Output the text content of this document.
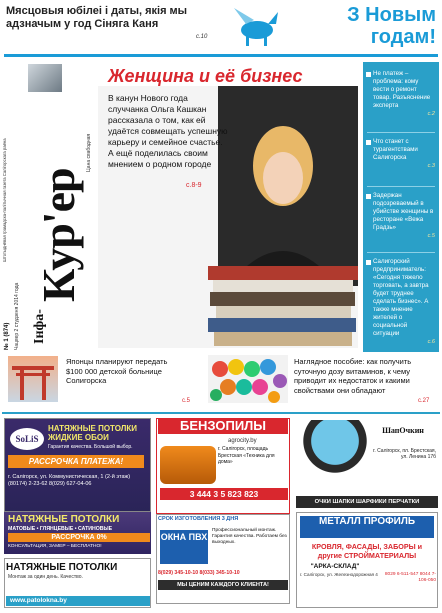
Мясцовыя юбілеі і даты, якія мы адзначым у год Сіняга Каня
с.10
З Новым
годам!
Інфа-
Кур'ер
№ 1 (874) Чацвер 2 студзеня 2014 года
Штотыднёвая грамадска-палітычная газета Салігорскага раёна	Цана свабодная
Женщина и её бизнес
В канун Нового года случчанка Ольга Кашкан рассказала о том, как ей удаётся совмещать успешную карьеру и семейное счастье. А ещё поделилась своим мнением о родном городе
с.8-9
Не платеж – проблема: кому вести о ремонт товар. Разъяснение эксперта
с.2
Что станет с турагентствами Салигорска
с.3
Задержан подозреваемый в убийстве женщины в ресторане «Вежа Градзь»
с.5
Салигорский предприниматель: «Сегодня тяжело торговать, а завтра будет труднее сделать бизнес». А также мнение жителей о социальной ситуации
с.6
Японцы планируют передать $100 000 детской больнице Солигорска
с.5
Наглядное пособие: как получить суточную дозу витаминов, к чему приводит их недостаток и какими свойствами они обладают
с.27
SoLiS
НАТЯЖНЫЕ ПОТОЛКИ ЖИДКИЕ ОБОИ
Гарантия качества. Большой выбор.
РАССРОЧКА ПЛАТЕЖА!
г. Салігорск, ул. Коммунистическая, 1 (2-й этаж) (80174) 2-23-62 8(029) 627-04-06
БЕНЗОПИЛЫ
agrocity.by
г. Салігорск, площадь Брестская «Техника для дома»
3 444 3 5 823 823
ШапОчкин
г. Салігорск, пл. Брестская, ул. Ленина 17б
ОЧКИ ШАПКИ ШАРФИКИ ПЕРЧАТКИ
НАТЯЖНЫЕ ПОТОЛКИ
МАТОВЫЕ • ГЛЯНЦЕВЫЕ • САТИНОВЫЕ
РАССРОЧКА 0%
КОНСУЛЬТАЦИЯ, ЗАМЕР – БЕСПЛАТНО!
СРОК ИЗГОТОВЛЕНИЯ 3 ДНЯ
ОКНА ПВХ
Профессиональный монтаж. Гарантия качества. Работаем без выходных.
8(029) 345-10-10 8(033) 345-10-10
МЫ ЦЕНИМ КАЖДОГО КЛИЕНТА!
МЕТАЛЛ ПРОФИЛЬ
КРОВЛЯ, ФАСАДЫ, ЗАБОРЫ и другие СТРОЙМАТЕРИАЛЫ
"АРКА-СКЛАД"
г. Салігорск, ул. Железнодорожная 4	8029 6-511-547 8044 7-106-050
НАТЯЖНЫЕ ПОТОЛКИ
Монтаж за один день. Качество.
www.patolokna.by
